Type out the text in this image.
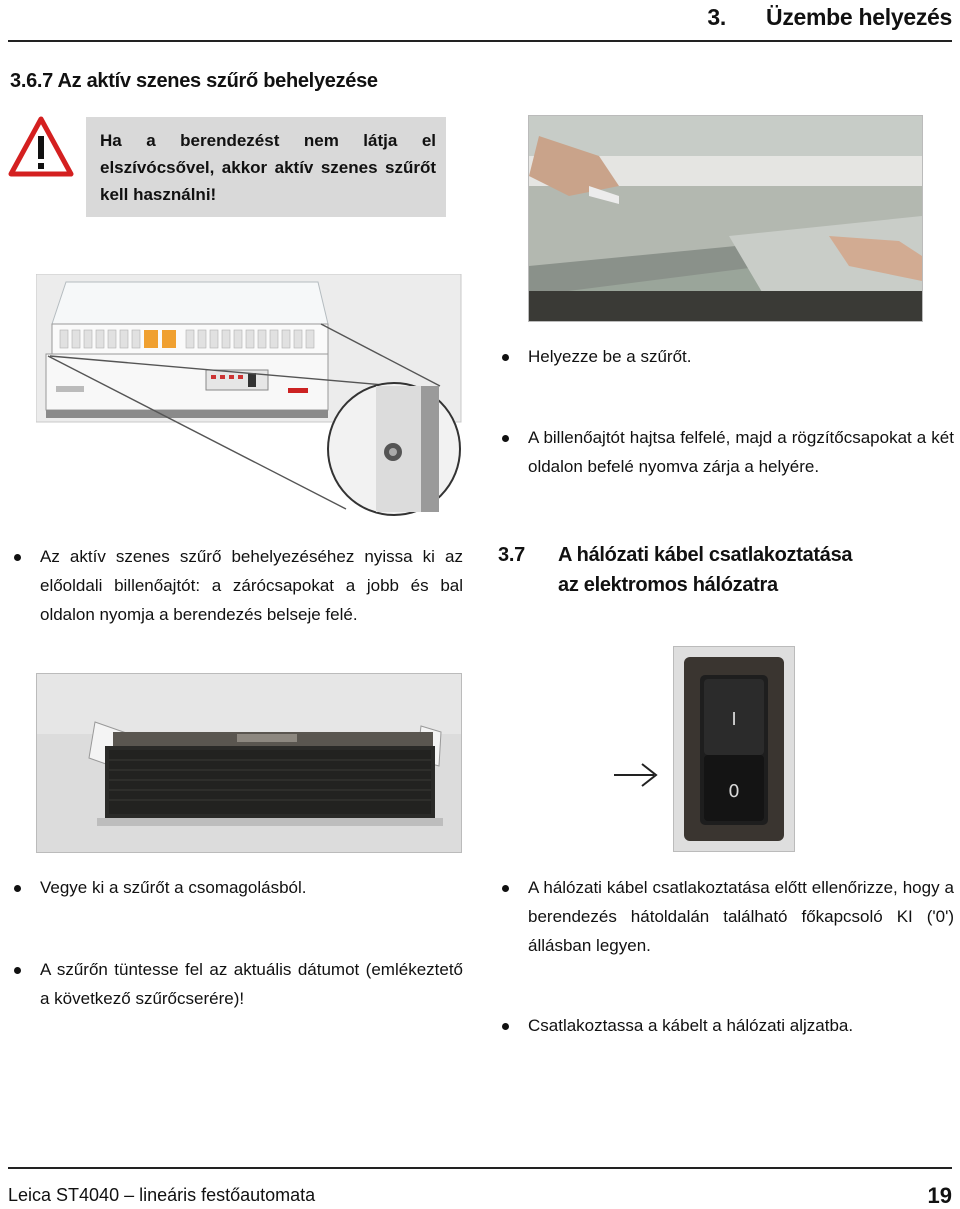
3. Üzembe helyezés
3.6.7 Az aktív szenes szűrő behelyezése
Ha a berendezést nem látja el elszívócsővel, akkor aktív szenes szűrőt kell használni!
Az aktív szenes szűrő behelyezéséhez nyissa ki az előoldali billenőajtót: a zárócsapokat a jobb és bal oldalon nyomja a berendezés belseje felé.
Vegye ki a szűrőt a csomagolásból.
A szűrőn tüntesse fel az aktuális dátumot (emlékeztető a következő szűrőcserére)!
Helyezze be a szűrőt.
A billenőajtót hajtsa felfelé, majd a rögzítőcsapokat a két oldalon befelé nyomva zárja a helyére.
3.7 A hálózati kábel csatlakoztatása
az elektromos hálózatra
I
0
A hálózati kábel csatlakoztatása előtt ellenőrizze, hogy a berendezés hátoldalán található főkapcsoló KI ('0') állásban legyen.
Csatlakoztassa a kábelt a hálózati aljzatba.
Leica ST4040 – lineáris festőautomata	19
